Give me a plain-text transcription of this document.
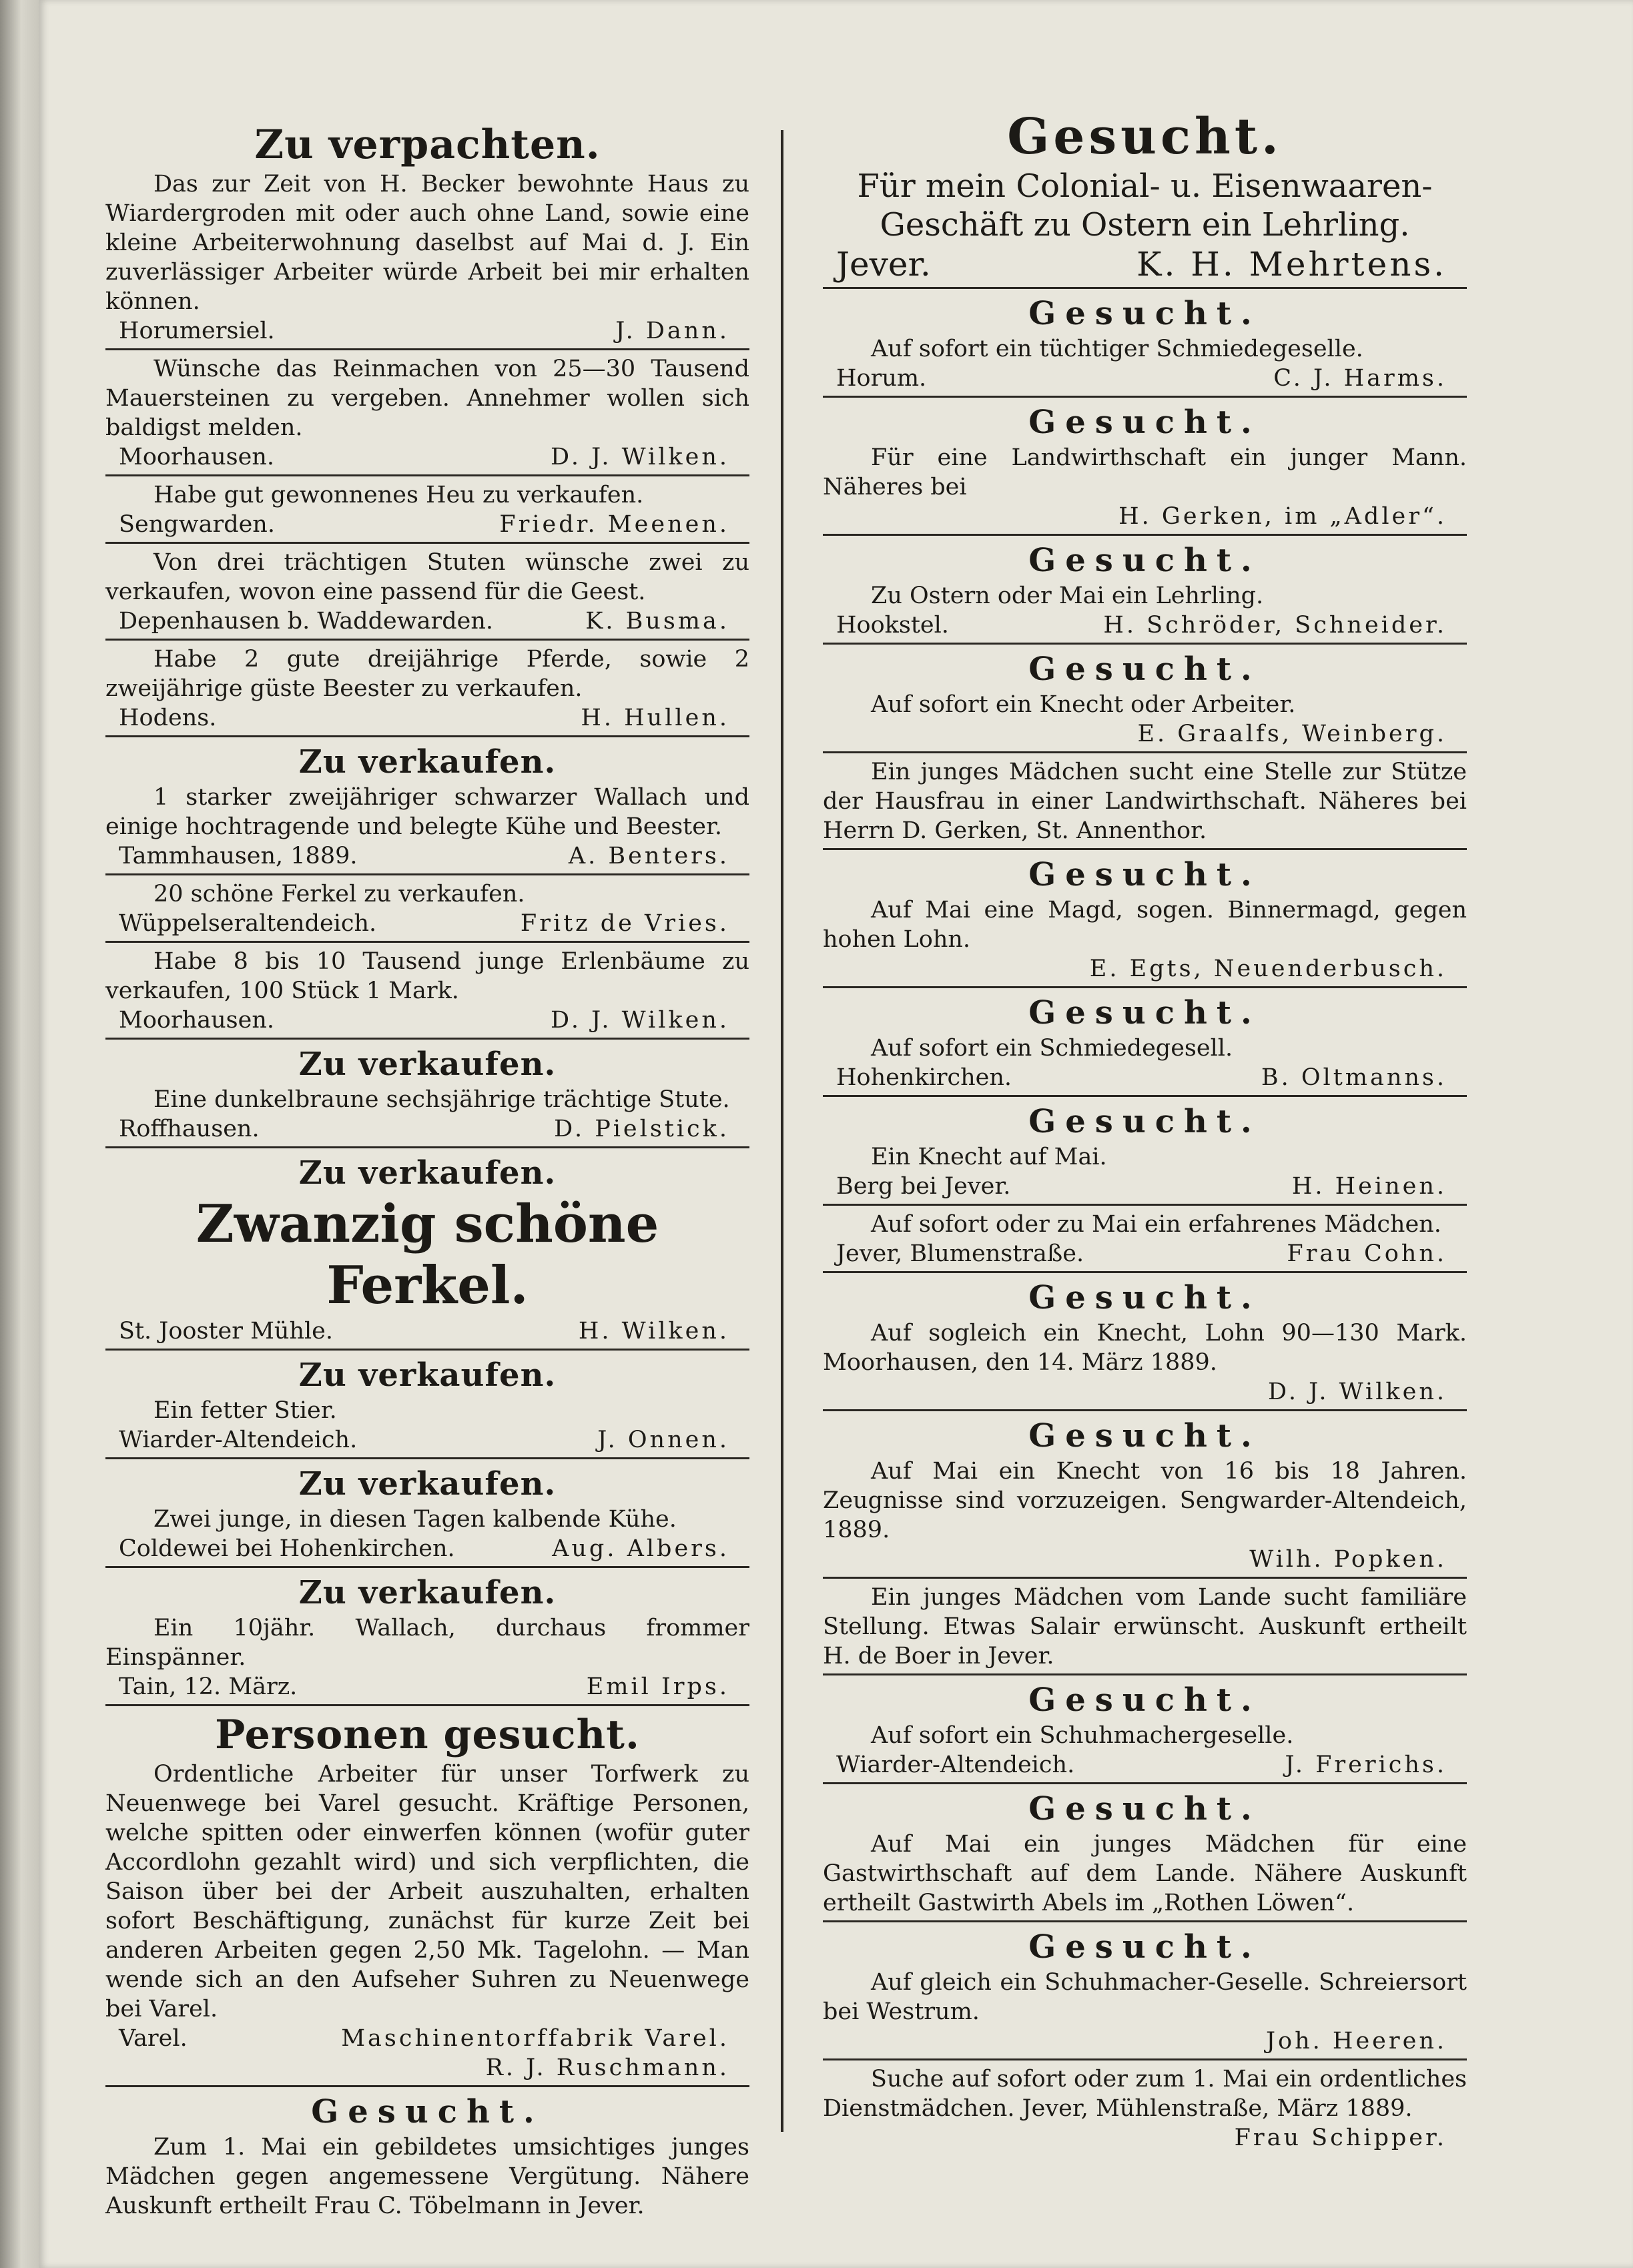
Zu verpachten.

Das zur Zeit von H. Becker bewohnte Haus zu Wiardergroden mit oder auch ohne Land, sowie eine kleine Arbeiterwohnung daselbst auf Mai d. J. Ein zuverlässiger Arbeiter würde Arbeit bei mir erhalten können.

Horumersiel.	J. Dann.

Wünsche das Reinmachen von 25—30 Tausend Mauersteinen zu vergeben. Annehmer wollen sich baldigst melden.

Moorhausen.	D. J. Wilken.

Habe gut gewonnenes Heu zu verkaufen.

Sengwarden.	Friedr. Meenen.

Von drei trächtigen Stuten wünsche zwei zu verkaufen, wovon eine passend für die Geest.

Depenhausen b. Waddewarden.	K. Busma.

Habe 2 gute dreijährige Pferde, sowie 2 zweijährige güste Beester zu verkaufen.

Hodens.	H. Hullen.
Zu verkaufen.

1 starker zweijähriger schwarzer Wallach und einige hochtragende und belegte Kühe und Beester.

Tammhausen, 1889.	A. Benters.

20 schöne Ferkel zu verkaufen.

Wüppelseraltendeich.	Fritz de Vries.

Habe 8 bis 10 Tausend junge Erlenbäume zu verkaufen, 100 Stück 1 Mark.

Moorhausen.	D. J. Wilken.
Zu verkaufen.

Eine dunkelbraune sechsjährige trächtige Stute.

Roffhausen.	D. Pielstick.
Zu verkaufen.

Zwanzig schöne Ferkel.

St. Jooster Mühle.	H. Wilken.
Zu verkaufen.

Ein fetter Stier.

Wiarder-Altendeich.	J. Onnen.
Zu verkaufen.

Zwei junge, in diesen Tagen kalbende Kühe.

Coldewei bei Hohenkirchen.	Aug. Albers.
Zu verkaufen.

Ein 10jähr. Wallach, durchaus frommer Einspänner.

Tain, 12. März.	Emil Irps.
Personen gesucht.

Ordentliche Arbeiter für unser Torfwerk zu Neuenwege bei Varel gesucht. Kräftige Personen, welche spitten oder einwerfen können (wofür guter Accordlohn gezahlt wird) und sich verpflichten, die Saison über bei der Arbeit auszuhalten, erhalten sofort Beschäftigung, zunächst für kurze Zeit bei anderen Arbeiten gegen 2,50 Mk. Tagelohn. — Man wende sich an den Aufseher Suhren zu Neuenwege bei Varel.

Varel.	Maschinentorffabrik Varel.
R. J. Ruschmann.
Gesucht.

Zum 1. Mai ein gebildetes umsichtiges junges Mädchen gegen angemessene Vergütung. Nähere Auskunft ertheilt Frau C. Töbelmann in Jever.

Gesucht.

Für mein Colonial- u. Eisenwaaren-Geschäft zu Ostern ein Lehrling.

Jever.	K. H. Mehrtens.
Gesucht.

Auf sofort ein tüchtiger Schmiedegeselle.

Horum.	C. J. Harms.
Gesucht.

Für eine Landwirthschaft ein junger Mann. Näheres bei

H. Gerken, im „Adler“.
Gesucht.

Zu Ostern oder Mai ein Lehrling.

Hookstel.	H. Schröder, Schneider.
Gesucht.

Auf sofort ein Knecht oder Arbeiter.

E. Graalfs, Weinberg.

Ein junges Mädchen sucht eine Stelle zur Stütze der Hausfrau in einer Landwirthschaft. Näheres bei Herrn D. Gerken, St. Annenthor.

Gesucht.

Auf Mai eine Magd, sogen. Binnermagd, gegen hohen Lohn.

E. Egts, Neuenderbusch.
Gesucht.

Auf sofort ein Schmiedegesell.

Hohenkirchen.	B. Oltmanns.
Gesucht.

Ein Knecht auf Mai.

Berg bei Jever.	H. Heinen.

Auf sofort oder zu Mai ein erfahrenes Mädchen.

Jever, Blumenstraße.	Frau Cohn.
Gesucht.

Auf sogleich ein Knecht, Lohn 90—130 Mark. Moorhausen, den 14. März 1889.

D. J. Wilken.
Gesucht.

Auf Mai ein Knecht von 16 bis 18 Jahren. Zeugnisse sind vorzuzeigen. Sengwarder-Altendeich, 1889.

Wilh. Popken.

Ein junges Mädchen vom Lande sucht familiäre Stellung. Etwas Salair erwünscht. Auskunft ertheilt H. de Boer in Jever.

Gesucht.

Auf sofort ein Schuhmachergeselle.

Wiarder-Altendeich.	J. Frerichs.
Gesucht.

Auf Mai ein junges Mädchen für eine Gastwirthschaft auf dem Lande. Nähere Auskunft ertheilt Gastwirth Abels im „Rothen Löwen“.

Gesucht.

Auf gleich ein Schuhmacher-Geselle. Schreiersort bei Westrum.

Joh. Heeren.

Suche auf sofort oder zum 1. Mai ein ordentliches Dienstmädchen. Jever, Mühlenstraße, März 1889.

Frau Schipper.
